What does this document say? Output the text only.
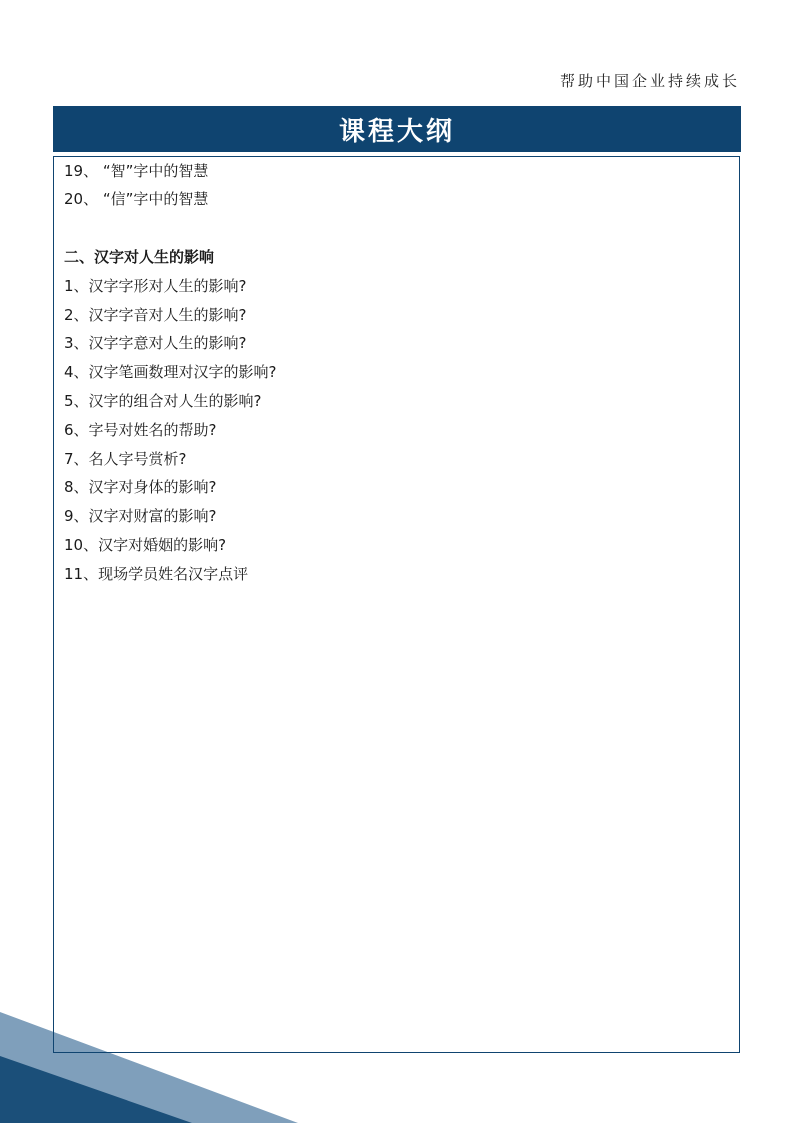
帮助中国企业持续成长
课程大纲
19、 “智”字中的智慧
20、 “信”字中的智慧
二、汉字对人生的影响
1、汉字字形对人生的影响?
2、汉字字音对人生的影响?
3、汉字字意对人生的影响?
4、汉字笔画数理对汉字的影响?
5、汉字的组合对人生的影响?
6、字号对姓名的帮助?
7、名人字号赏析?
8、汉字对身体的影响?
9、汉字对财富的影响?
10、汉字对婚姻的影响?
11、现场学员姓名汉字点评
